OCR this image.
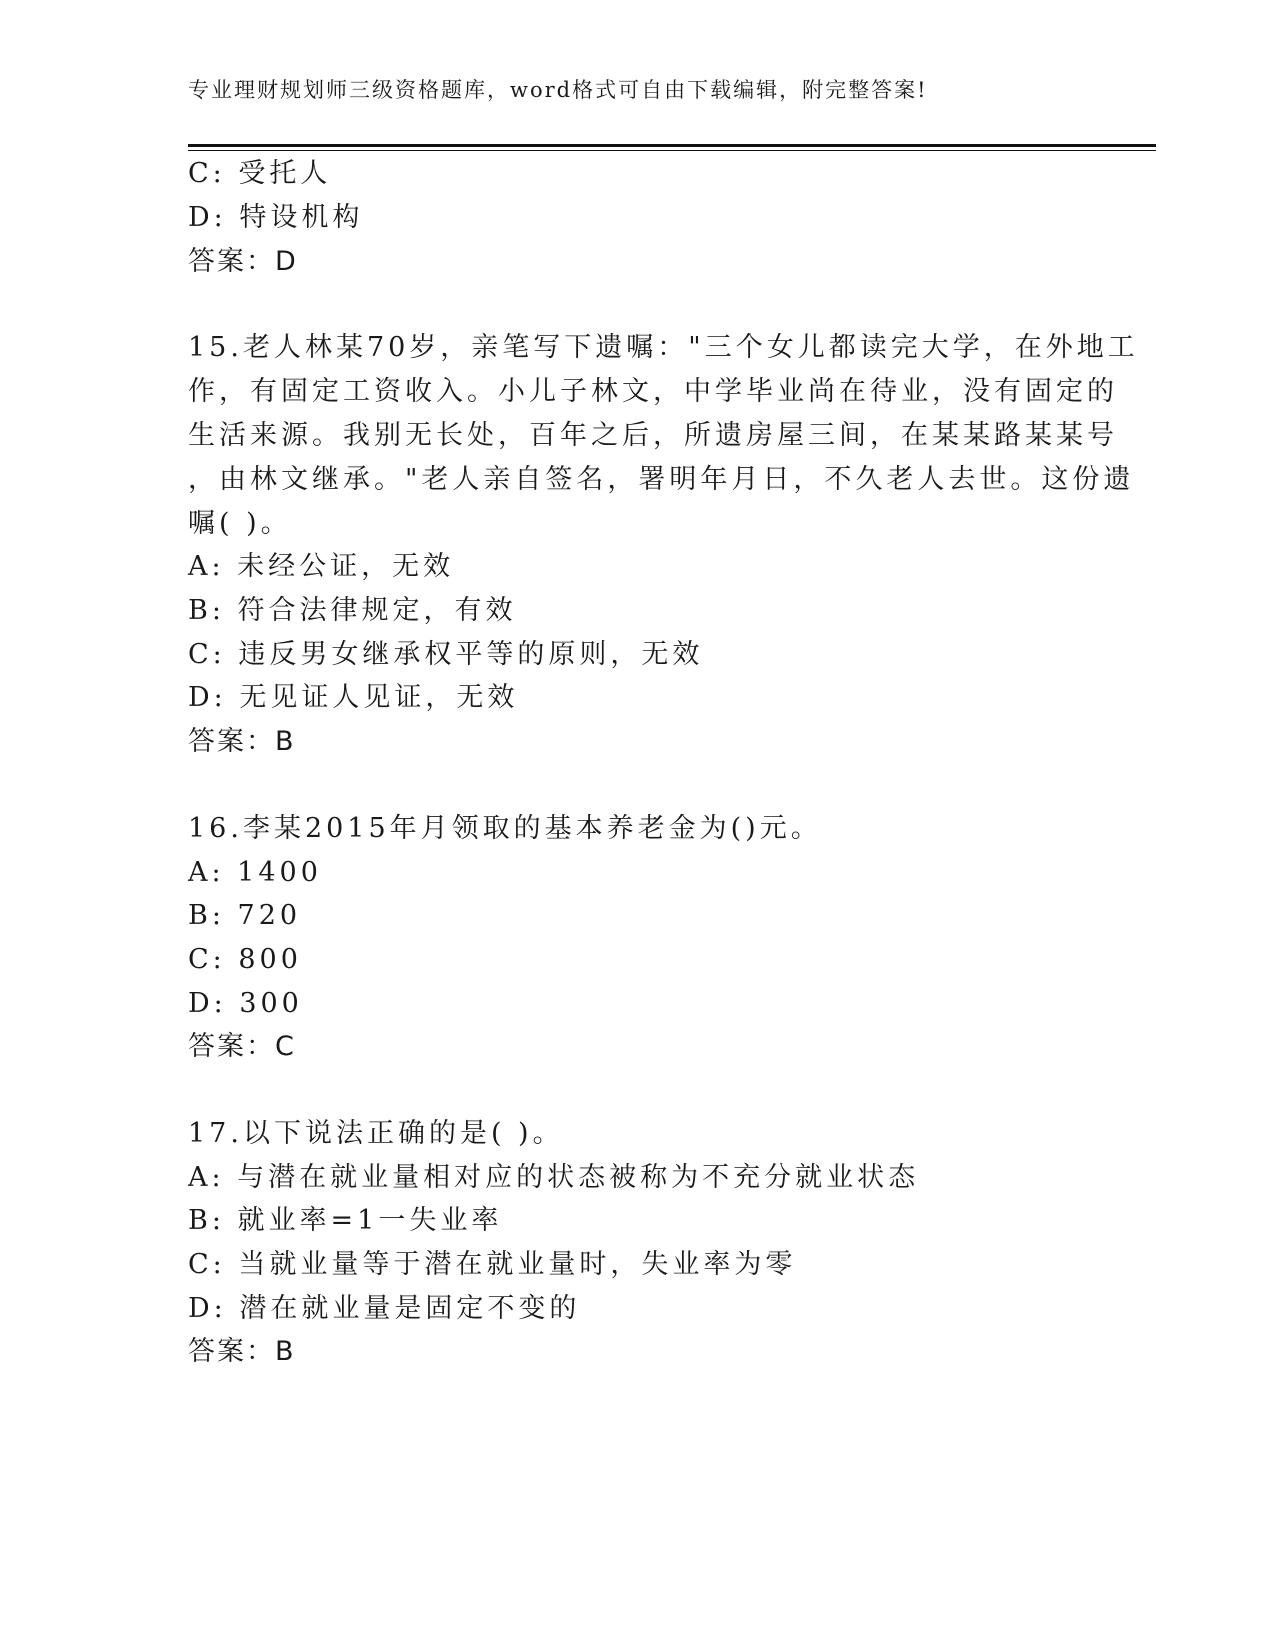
专业理财规划师三级资格题库，word格式可自由下载编辑，附完整答案!
C: 受托人
D: 特设机构
答案：D
15.老人林某70岁，亲笔写下遗嘱："三个女儿都读完大学，在外地工
作，有固定工资收入。小儿子林文，中学毕业尚在待业，没有固定的
生活来源。我别无长处，百年之后，所遗房屋三间，在某某路某某号
，由林文继承。"老人亲自签名，署明年月日，不久老人去世。这份遗
嘱( )。
A: 未经公证，无效
B: 符合法律规定，有效
C: 违反男女继承权平等的原则，无效
D: 无见证人见证，无效
答案：B
16.李某2015年月领取的基本养老金为()元。
A: 1400
B: 720
C: 800
D: 300
答案：C
17.以下说法正确的是( )。
A: 与潜在就业量相对应的状态被称为不充分就业状态
B: 就业率=1一失业率
C: 当就业量等于潜在就业量时，失业率为零
D: 潜在就业量是固定不变的
答案：B
